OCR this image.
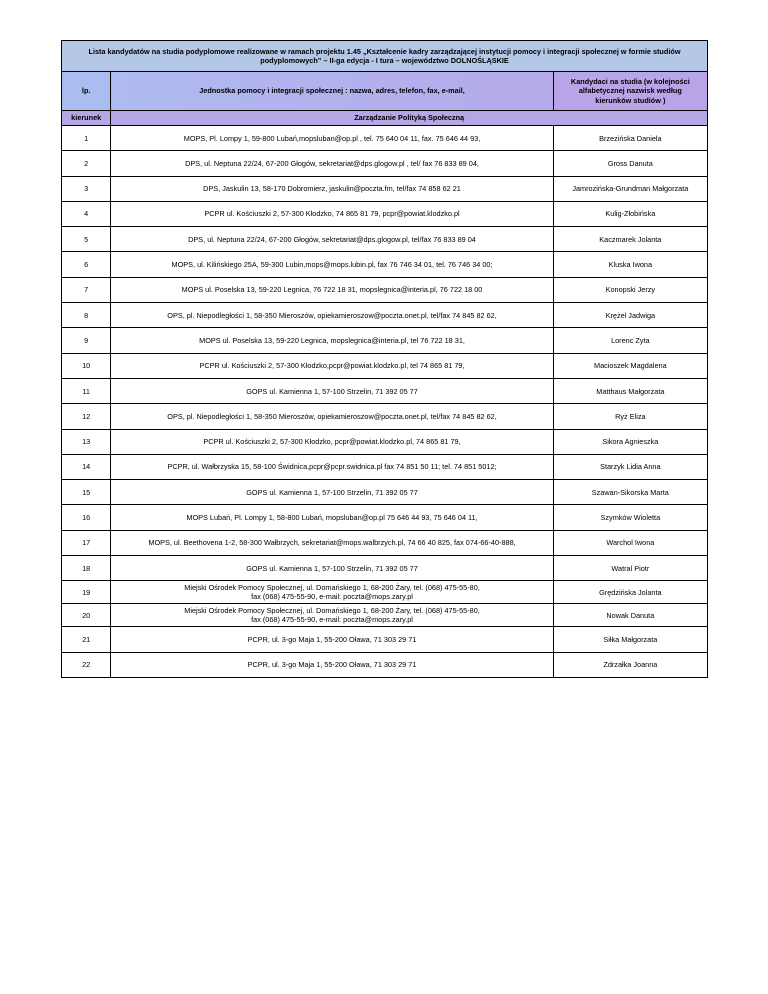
Lista kandydatów na studia podyplomowe realizowane w ramach projektu 1.45 „Kształcenie kadry zarządzającej instytucji pomocy i integracji społecznej w formie studiów podyplomowych” – II-ga edycja - I tura – województwo DOLNOŚLĄSKIE		
lp.	Jednostka pomocy i integracji społecznej : nazwa, adres, telefon, fax, e-mail,	Kandydaci na studia (w kolejności alfabetycznej nazwisk według kierunków studiów )
kierunek	Zarządzanie Polityką Społeczną	
1	MOPS, Pl. Lompy 1, 59-800 Lubań,mopsluban@op.pl , tel. 75 640 04 11, fax. 75 646 44 93,	Brzezińska Daniela
2	DPS, ul. Neptuna 22/24, 67-200 Głogów, sekretariat@dps.glogow.pl , tel/ fax 76 833 89 04,	Gross Danuta
3	DPS, Jaskulin 13, 58-170 Dobromierz, jaskulin@poczta.fm, tel/fax 74 858 62 21	Jamrozińska-Grundman Małgorzata
4	PCPR ul. Kościuszki 2, 57-300 Kłodzko, 74 865 81 79, pcpr@powiat.klodzko.pl	Kulig-Złobińska
5	DPS, ul. Neptuna 22/24, 67-200 Głogów, sekretariat@dps.glogow.pl, tel/fax 76 833 89 04	Kaczmarek Jolanta
6	MOPS, ul. Kilińskiego 25A, 59-300 Lubin,mops@mops.lubin.pl, fax 76 746 34 01, tel. 76 746 34 00;	Kluska Iwona
7	MOPS ul. Poselska 13, 59-220 Legnica, 76 722 18 31, mopslegnica@interia.pl, 76 722 18 00	Konopski Jerzy
8	OPS, pl. Niepodległości 1, 58-350 Mieroszów, opiekamieroszow@poczta.onet.pl, tel/fax 74 845 82 62,	Krężel Jadwiga
9	MOPS ul. Poselska 13, 59-220 Legnica, mopslegnica@interia.pl, tel 76 722 18 31,	Lorenc Zyta
10	PCPR ul. Kościuszki 2, 57-300 Kłodzko,pcpr@powiat.klodzko.pl, tel 74 865 81 79,	Macioszek Magdalena
11	GOPS ul. Kamienna 1, 57-100 Strzelin, 71 392 05 77	Matthaus Małgorzata
12	OPS, pl. Niepodległości 1, 58-350 Mieroszów, opiekamieroszow@poczta.onet.pl, tel/fax 74 845 82 62,	Ryż Eliza
13	PCPR ul. Kościuszki 2, 57-300 Kłodzko, pcpr@powiat.klodzko.pl, 74 865 81 79,	Sikora Agnieszka
14	PCPR, ul. Wałbrzyska 15, 58-100 Świdnica,pcpr@pcpr.swidnica.pl fax 74 851 50 11; tel. 74 851 5012;	Starzyk Lidia Anna
15	GOPS ul. Kamienna 1, 57-100 Strzelin, 71 392 05 77	Szawan-Sikorska Marta
16	MOPS Lubań, Pl. Lompy 1, 58-800 Lubań, mopsluban@op.pl 75 646 44 93, 75 646 04 11,	Szymków Wioletta
17	MOPS, ul. Beethovena 1-2, 58-300 Wałbrzych, sekretariat@mops.walbrzych.pl, 74 66 40 825, fax 074-66-40-888,	Warchol Iwona
18	GOPS ul. Kamienna 1, 57-100 Strzelin, 71 392 05 77	Watral Piotr
19	Miejski Ośrodek Pomocy Społecznej, ul. Domańskiego 1, 68-200 Żary, tel. (068) 475-55-80,
fax (068) 475-55-90, e-mail: poczta@mops.zary.pl	Grędzińska Jolanta
20	Miejski Ośrodek Pomocy Społecznej, ul. Domańskiego 1, 68-200 Żary, tel. (068) 475-55-80,
fax (068) 475-55-90, e-mail: poczta@mops.zary.pl	Nowak Danuta
21	PCPR, ul. 3-go Maja 1, 55-200 Oława, 71 303 29 71	Siłka Małgorzata
22	PCPR, ul. 3-go Maja 1, 55-200 Oława, 71 303 29 71	Zdrzałka Joanna
